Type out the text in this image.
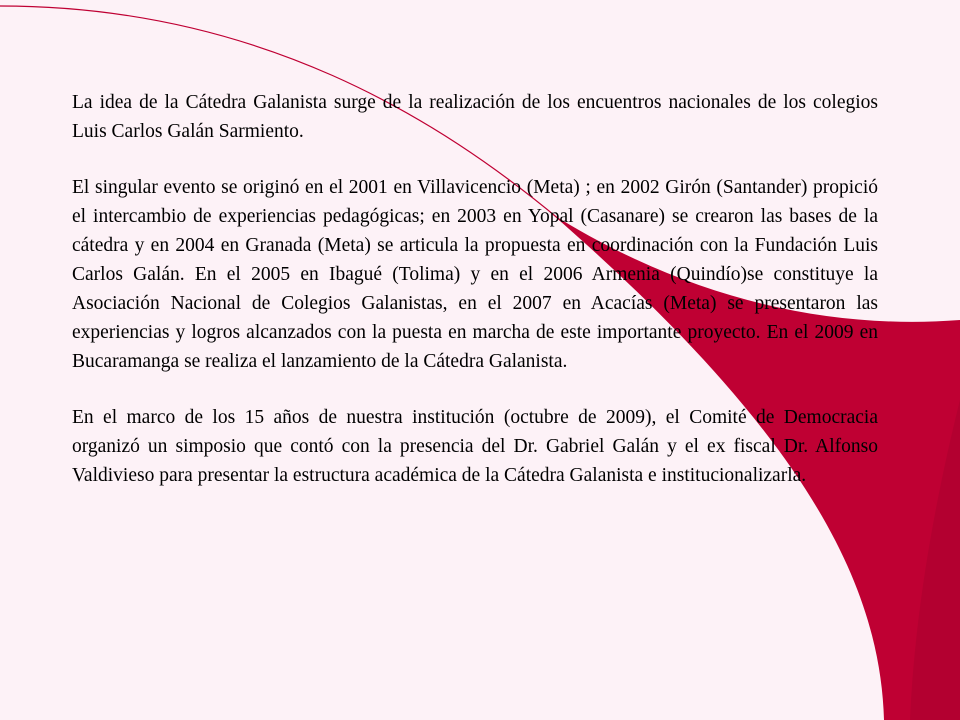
La idea de la Cátedra Galanista surge de la realización de los encuentros nacionales de los colegios Luis Carlos Galán Sarmiento.

El singular evento se originó en el 2001 en Villavicencio (Meta) ; en 2002 Girón (Santander) propició el intercambio de experiencias pedagógicas; en 2003 en Yopal (Casanare) se crearon las bases de la cátedra y en 2004 en Granada (Meta) se articula la propuesta en coordinación con la Fundación Luis Carlos Galán. En el 2005 en Ibagué (Tolima) y en el 2006 Armenia (Quindío)se constituye la Asociación Nacional de Colegios Galanistas, en el 2007 en Acacías (Meta) se presentaron las experiencias y logros alcanzados con la puesta en marcha de este importante proyecto. En el 2009 en Bucaramanga se realiza el lanzamiento de la Cátedra Galanista.

En el marco de los 15 años de nuestra institución (octubre de 2009), el Comité de Democracia organizó un simposio que contó con la presencia del Dr. Gabriel Galán y el ex fiscal Dr. Alfonso Valdivieso para presentar la estructura académica de la Cátedra Galanista e institucionalizarla.
